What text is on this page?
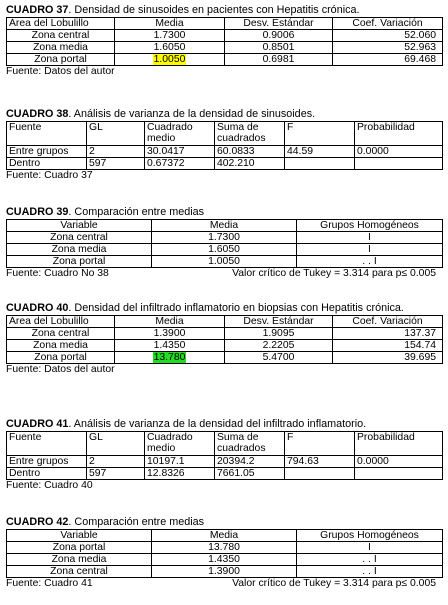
CUADRO 37. Densidad de sinusoides en pacientes con Hepatitis crónica.
Área del Lobulillo	Media	Desv. Estándar	Coef. Variación
Zona central	1.7300	0.9006	52.060
Zona media	1.6050	0.8501	52.963
Zona portal	1.0050	0.6981	69.468
Fuente: Datos del autor
CUADRO 38. Análisis de varianza de la densidad de sinusoides.
Fuente	GL	Cuadrado medio	Suma de cuadrados	F	Probabilidad
Entre grupos	2	30.0417	60.0833	44.59	0.0000
Dentro	597	0.67372	402.210		
Fuente: Cuadro 37
CUADRO 39. Comparación entre medias
Variable	Media	Grupos Homogéneos
Zona central	1.7300	I
Zona media	1.6050	I
Zona portal	1.0050	. . I
Fuente: Cuadro No 38	Valor crítico de Tukey = 3.314 para p≤ 0.005
CUADRO 40. Densidad del infiltrado inflamatorio en biopsias con Hepatitis crónica.
Área del Lobulillo	Media	Desv. Estándar	Coef. Variación
Zona central	1.3900	1.9095	137.37
Zona media	1.4350	2.2205	154.74
Zona portal	13.780	5.4700	39.695
Fuente: Datos del autor
CUADRO 41. Análisis de varianza de la densidad del infiltrado inflamatorio.
Fuente	GL	Cuadrado medio	Suma de cuadrados	F	Probabilidad
Entre grupos	2	10197.1	20394.2	794.63	0.0000
Dentro	597	12.8326	7661.05		
Fuente: Cuadro 40
CUADRO 42. Comparación entre medias
Variable	Media	Grupos Homogéneos
Zona portal	13.780	I
Zona media	1.4350	. . I
Zona central	1.3900	. . I
Fuente: Cuadro 41	Valor crítico de Tukey = 3.314 para p≤ 0.005
